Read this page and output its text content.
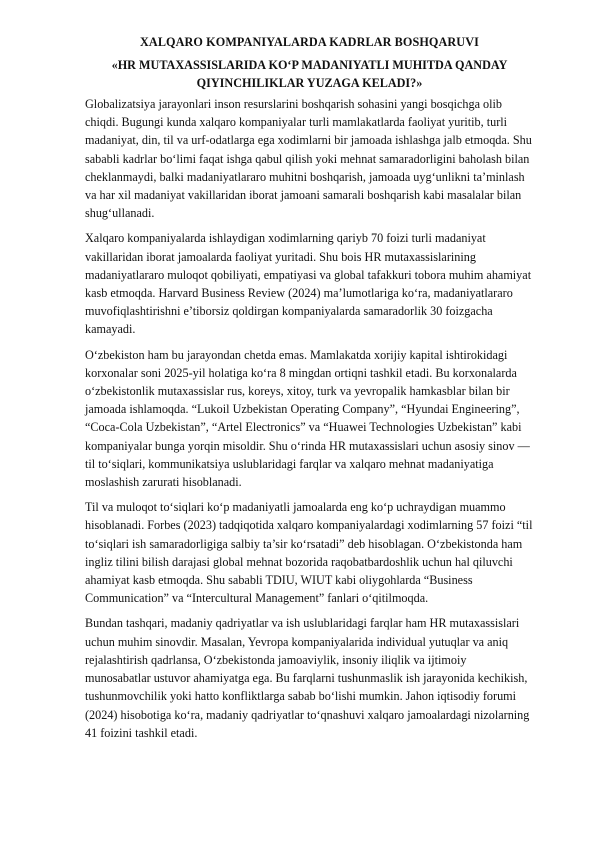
XALQARO KOMPANIYALARDA KADRLAR BOSHQARUVI
«HR MUTAXASSISLARIDA KO‘P MADANIYATLI MUHITDA QANDAY QIYINCHILIKLAR YUZAGA KELADI?»

Globalizatsiya jarayonlari inson resurslarini boshqarish sohasini yangi bosqichga olib chiqdi. Bugungi kunda xalqaro kompaniyalar turli mamlakatlarda faoliyat yuritib, turli madaniyat, din, til va urf-odatlarga ega xodimlarni bir jamoada ishlashga jalb etmoqda. Shu sababli kadrlar bo‘limi faqat ishga qabul qilish yoki mehnat samaradorligini baholash bilan cheklanmaydi, balki madaniyatlararo muhitni boshqarish, jamoada uyg‘unlikni ta’minlash va har xil madaniyat vakillaridan iborat jamoani samarali boshqarish kabi masalalar bilan shug‘ullanadi.

Xalqaro kompaniyalarda ishlaydigan xodimlarning qariyb 70 foizi turli madaniyat vakillaridan iborat jamoalarda faoliyat yuritadi. Shu bois HR mutaxassislarining madaniyatlararo muloqot qobiliyati, empatiyasi va global tafakkuri tobora muhim ahamiyat kasb etmoqda. Harvard Business Review (2024) ma’lumotlariga ko‘ra, madaniyatlararo muvofiqlashtirishni e’tiborsiz qoldirgan kompaniyalarda samaradorlik 30 foizgacha kamayadi.

O‘zbekiston ham bu jarayondan chetda emas. Mamlakatda xorijiy kapital ishtirokidagi korxonalar soni 2025-yil holatiga ko‘ra 8 mingdan ortiqni tashkil etadi. Bu korxonalarda o‘zbekistonlik mutaxassislar rus, koreys, xitoy, turk va yevropalik hamkasblar bilan bir jamoada ishlamoqda. “Lukoil Uzbekistan Operating Company”, “Hyundai Engineering”, “Coca-Cola Uzbekistan”, “Artel Electronics” va “Huawei Technologies Uzbekistan” kabi kompaniyalar bunga yorqin misoldir. Shu o‘rinda HR mutaxassislari uchun asosiy sinov — til to‘siqlari, kommunikatsiya uslublaridagi farqlar va xalqaro mehnat madaniyatiga moslashish zarurati hisoblanadi.

Til va muloqot to‘siqlari ko‘p madaniyatli jamoalarda eng ko‘p uchraydigan muammo hisoblanadi. Forbes (2023) tadqiqotida xalqaro kompaniyalardagi xodimlarning 57 foizi “til to‘siqlari ish samaradorligiga salbiy ta’sir ko‘rsatadi” deb hisoblagan. O‘zbekistonda ham ingliz tilini bilish darajasi global mehnat bozorida raqobatbardoshlik uchun hal qiluvchi ahamiyat kasb etmoqda. Shu sababli TDIU, WIUT kabi oliygohlarda “Business Communication” va “Intercultural Management” fanlari o‘qitilmoqda.

Bundan tashqari, madaniy qadriyatlar va ish uslublaridagi farqlar ham HR mutaxassislari uchun muhim sinovdir. Masalan, Yevropa kompaniyalarida individual yutuqlar va aniq rejalashtirish qadrlansa, O‘zbekistonda jamoaviylik, insoniy iliqlik va ijtimoiy munosabatlar ustuvor ahamiyatga ega. Bu farqlarni tushunmaslik ish jarayonida kechikish, tushunmovchilik yoki hatto konfliktlarga sabab bo‘lishi mumkin. Jahon iqtisodiy forumi (2024) hisobotiga ko‘ra, madaniy qadriyatlar to‘qnashuvi xalqaro jamoalardagi nizolarning 41 foizini tashkil etadi.
